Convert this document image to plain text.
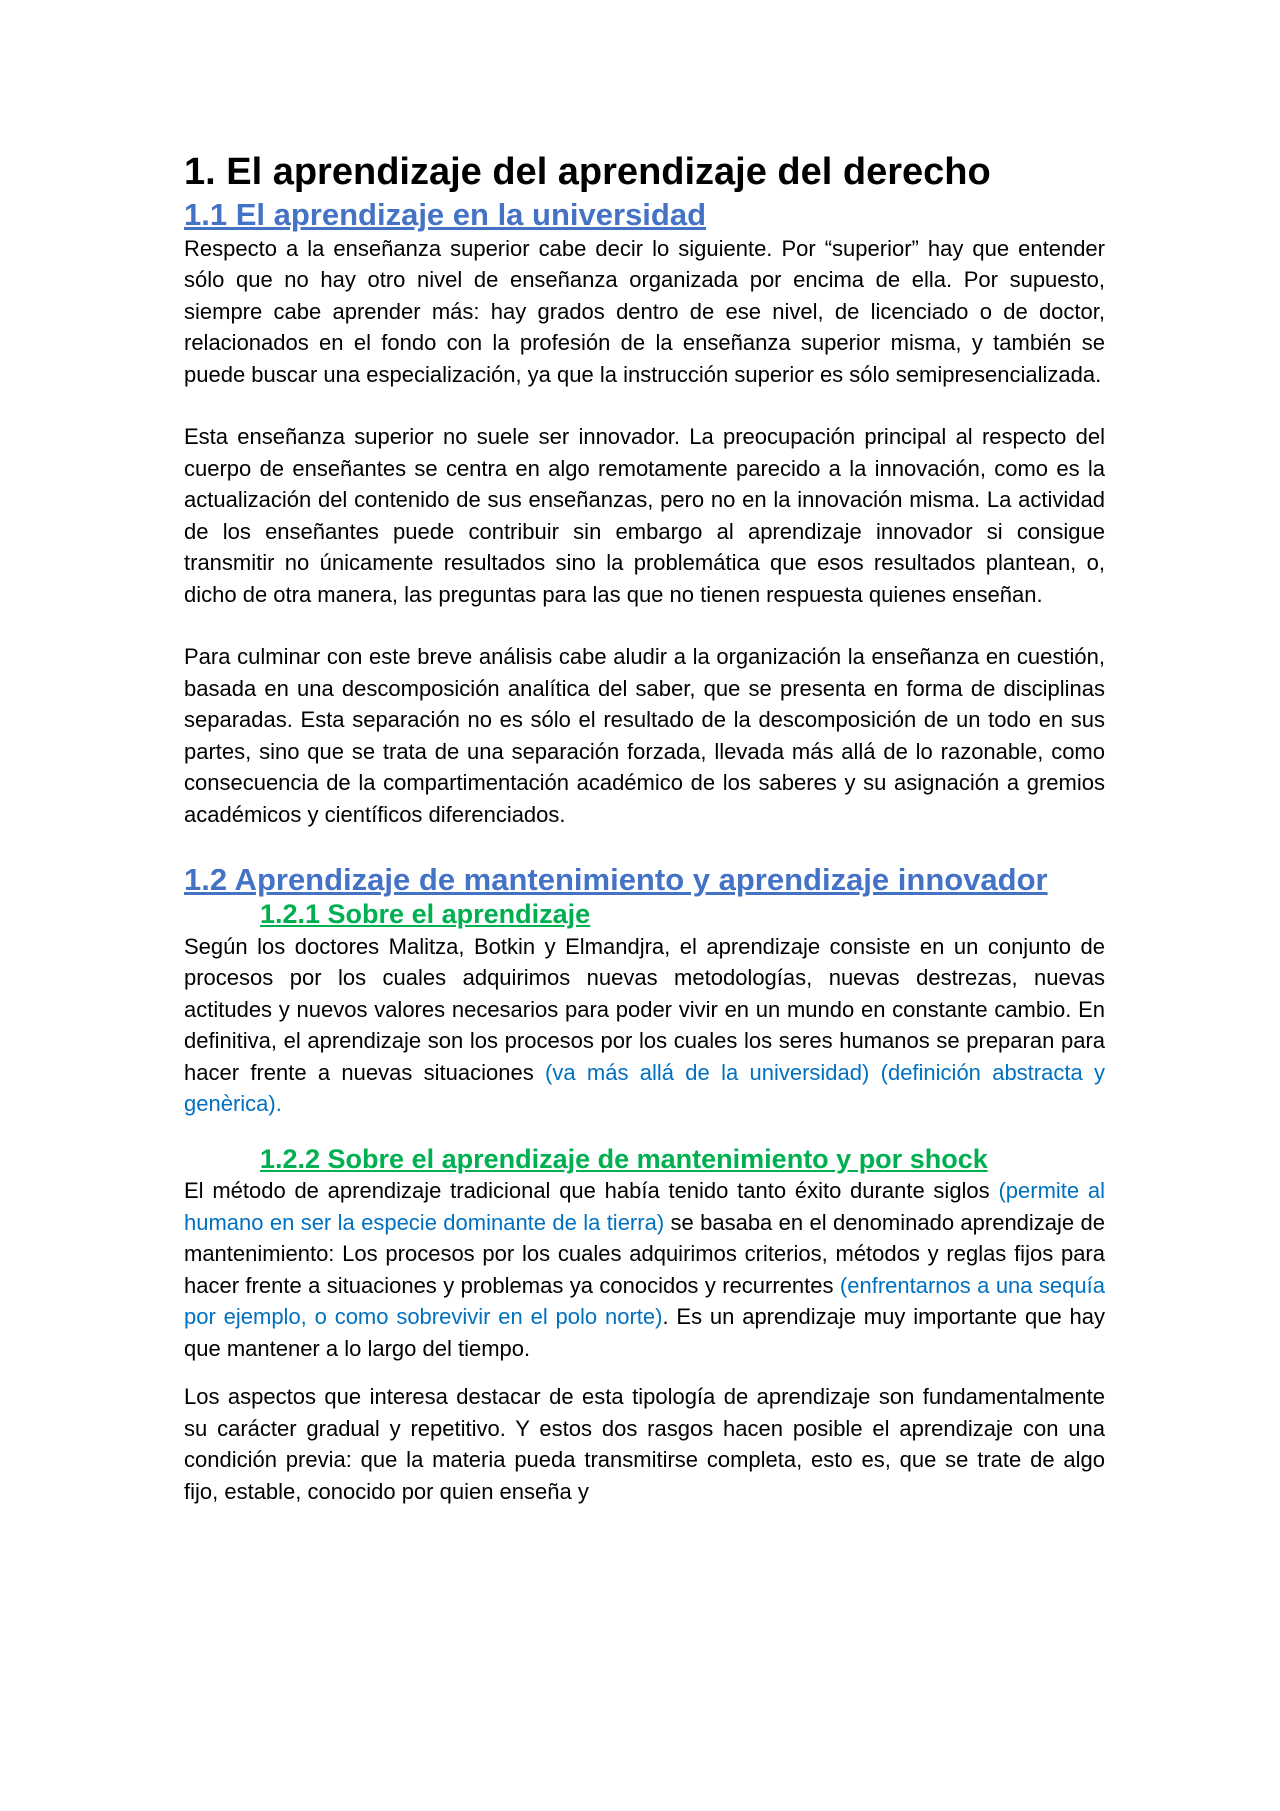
1. El aprendizaje del aprendizaje del derecho
1.1 El aprendizaje en la universidad

Respecto a la enseñanza superior cabe decir lo siguiente. Por “superior” hay que entender sólo que no hay otro nivel de enseñanza organizada por encima de ella. Por supuesto, siempre cabe aprender más: hay grados dentro de ese nivel, de licenciado o de doctor, relacionados en el fondo con la profesión de la enseñanza superior misma, y también se puede buscar una especialización, ya que la instrucción superior es sólo semipresencializada.

Esta enseñanza superior no suele ser innovador. La preocupación principal al respecto del cuerpo de enseñantes se centra en algo remotamente parecido a la innovación, como es la actualización del contenido de sus enseñanzas, pero no en la innovación misma. La actividad de los enseñantes puede contribuir sin embargo al aprendizaje innovador si consigue transmitir no únicamente resultados sino la problemática que esos resultados plantean, o, dicho de otra manera, las preguntas para las que no tienen respuesta quienes enseñan.

Para culminar con este breve análisis cabe aludir a la organización la enseñanza en cuestión, basada en una descomposición analítica del saber, que se presenta en forma de disciplinas separadas. Esta separación no es sólo el resultado de la descomposición de un todo en sus partes, sino que se trata de una separación forzada, llevada más allá de lo razonable, como consecuencia de la compartimentación académico de los saberes y su asignación a gremios académicos y científicos diferenciados.

1.2 Aprendizaje de mantenimiento y aprendizaje innovador
1.2.1 Sobre el aprendizaje

Según los doctores Malitza, Botkin y Elmandjra, el aprendizaje consiste en un conjunto de procesos por los cuales adquirimos nuevas metodologías, nuevas destrezas, nuevas actitudes y nuevos valores necesarios para poder vivir en un mundo en constante cambio. En definitiva, el aprendizaje son los procesos por los cuales los seres humanos se preparan para hacer frente a nuevas situaciones (va más allá de la universidad) (definición abstracta y genèrica).

1.2.2 Sobre el aprendizaje de mantenimiento y por shock

El método de aprendizaje tradicional que había tenido tanto éxito durante siglos (permite al humano en ser la especie dominante de la tierra) se basaba en el denominado aprendizaje de mantenimiento: Los procesos por los cuales adquirimos criterios, métodos y reglas fijos para hacer frente a situaciones y problemas ya conocidos y recurrentes (enfrentarnos a una sequía por ejemplo, o como sobrevivir en el polo norte). Es un aprendizaje muy importante que hay que mantener a lo largo del tiempo.

Los aspectos que interesa destacar de esta tipología de aprendizaje son fundamentalmente su carácter gradual y repetitivo. Y estos dos rasgos hacen posible el aprendizaje con una condición previa: que la materia pueda transmitirse completa, esto es, que se trate de algo fijo, estable, conocido por quien enseña y
